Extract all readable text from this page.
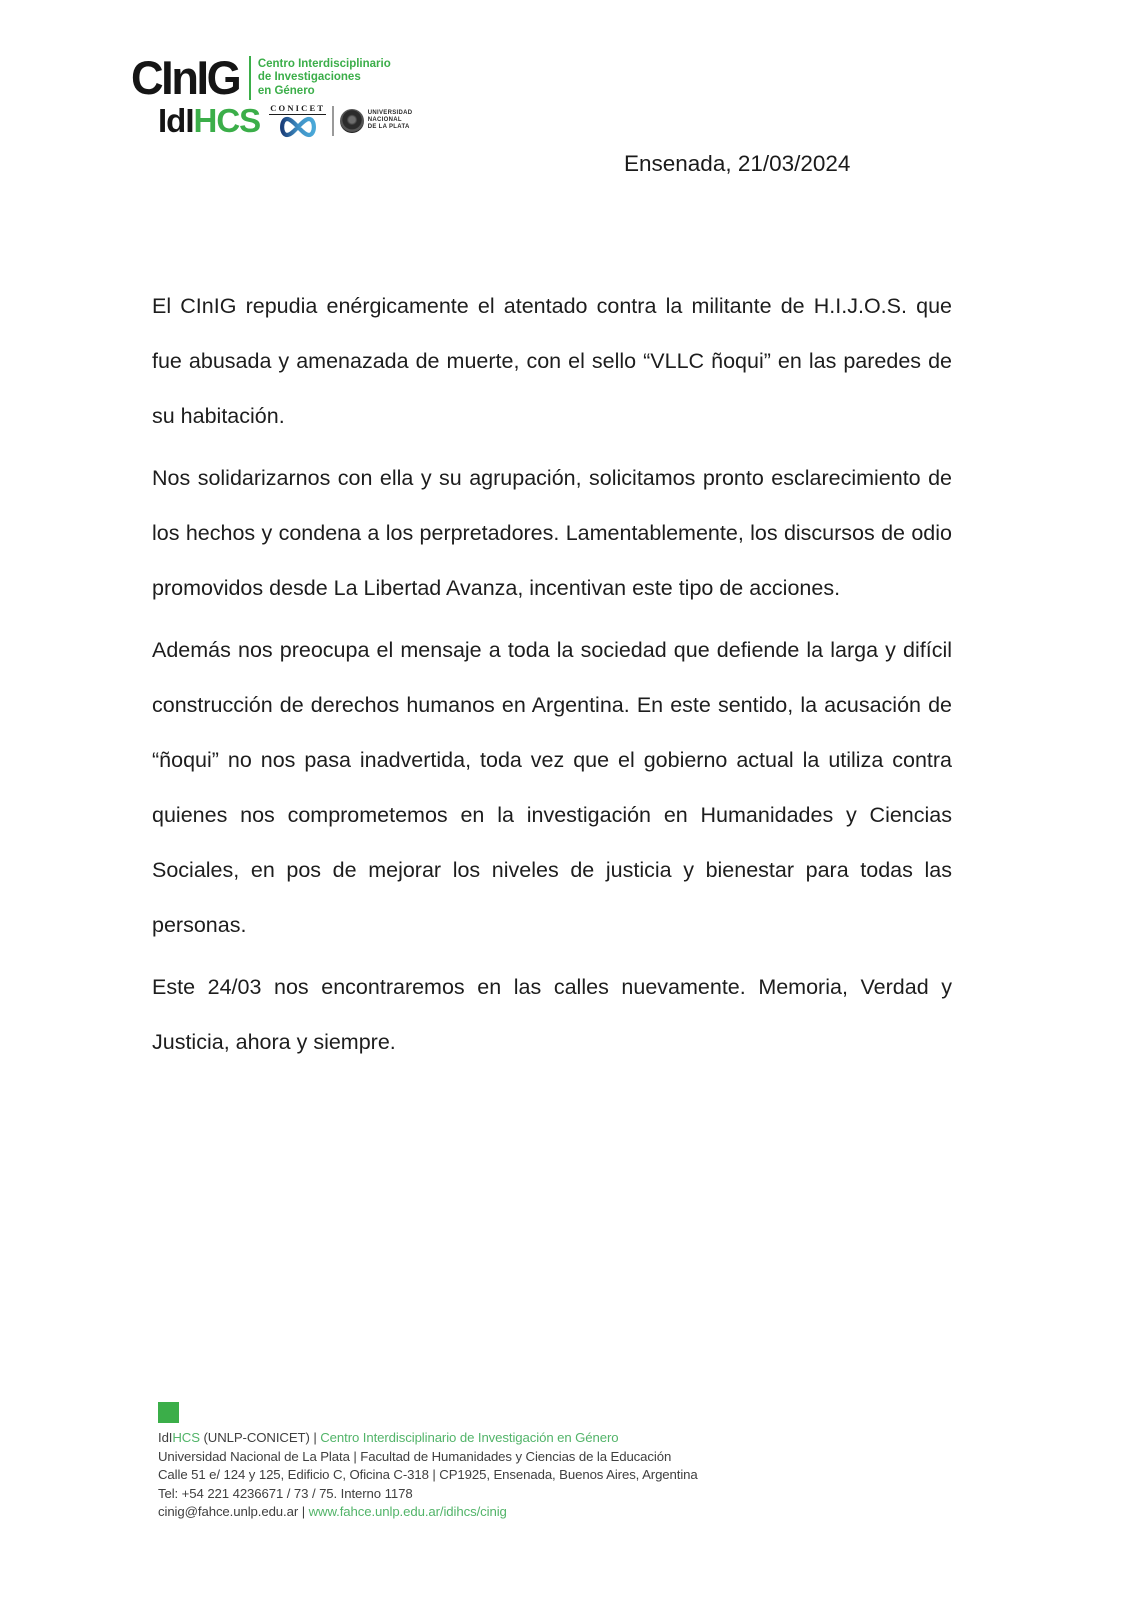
CInIG Centro Interdisciplinario
de Investigaciones
en Género
IdIHCS CONICET	UNIVERSIDAD
NACIONAL
DE LA PLATA
Ensenada, 21/03/2024

El CInIG repudia enérgicamente el atentado contra la militante de H.I.J.O.S. que fue abusada y amenazada de muerte, con el sello “VLLC ñoqui” en las paredes de su habitación.

Nos solidarizarnos con ella y su agrupación, solicitamos pronto esclarecimiento de los hechos y condena a los perpretadores. Lamentablemente, los discursos de odio promovidos desde La Libertad Avanza, incentivan este tipo de acciones.

Además nos preocupa el mensaje a toda la sociedad que defiende la larga y difícil construcción de derechos humanos en Argentina. En este sentido, la acusación de “ñoqui” no nos pasa inadvertida, toda vez que el gobierno actual la utiliza contra quienes nos comprometemos en la investigación en Humanidades y Ciencias Sociales, en pos de mejorar los niveles de justicia y bienestar para todas las personas.

Este 24/03 nos encontraremos en las calles nuevamente. Memoria, Verdad y Justicia, ahora y siempre.

IdIHCS (UNLP-CONICET) | Centro Interdisciplinario de Investigación en Género
Universidad Nacional de La Plata | Facultad de Humanidades y Ciencias de la Educación
Calle 51 e/ 124 y 125, Edificio C, Oficina C-318 | CP1925, Ensenada, Buenos Aires, Argentina
Tel: +54 221 4236671 / 73 / 75. Interno 1178
cinig@fahce.unlp.edu.ar | www.fahce.unlp.edu.ar/idihcs/cinig
